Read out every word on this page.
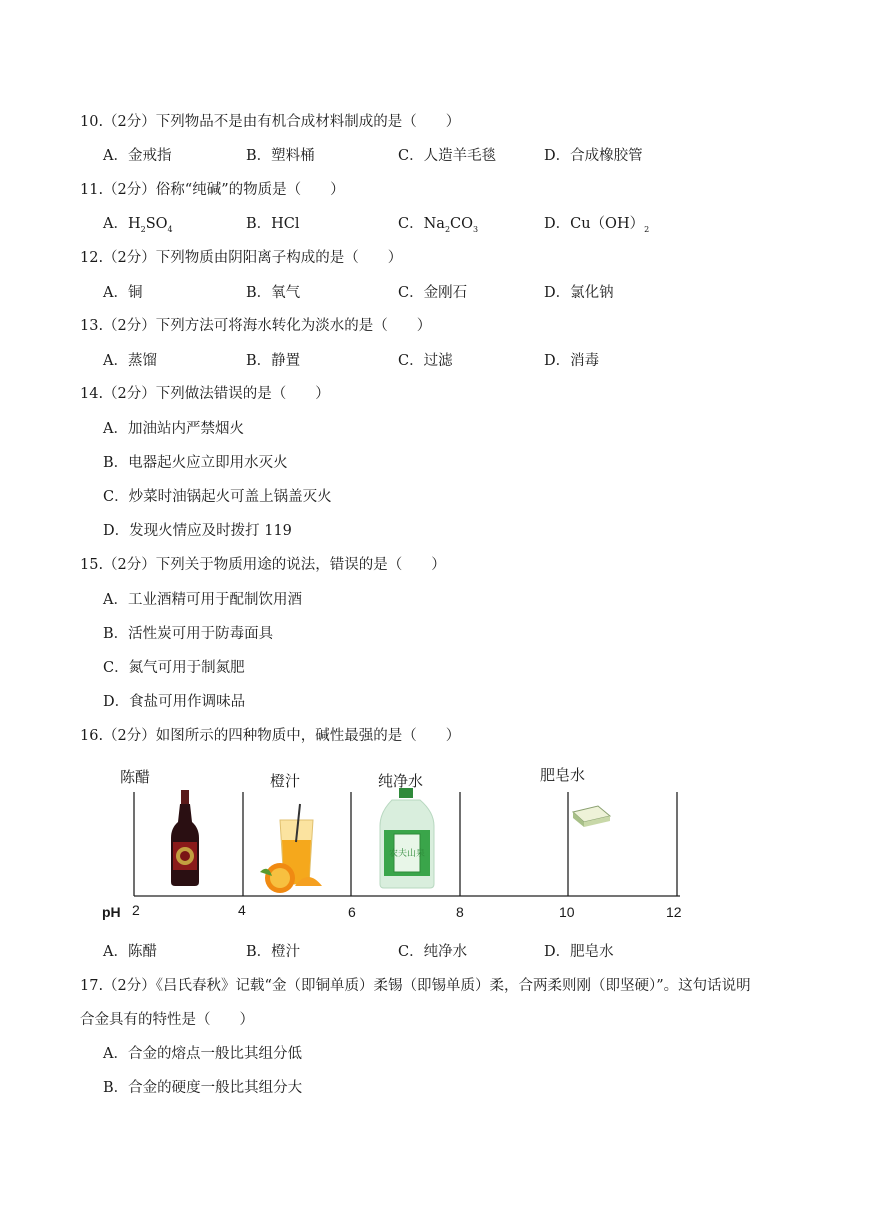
10.（2分）下列物品不是由有机合成材料制成的是（　　）
A．金戒指	B．塑料桶	C．人造羊毛毯	D．合成橡胶管
11.（2分）俗称“纯碱”的物质是（　　）
A．$H_2SO_4$	B．HCl	C．$Na_2CO_3$	D．$Cu(OH)_2$
12.（2分）下列物质由阴阳离子构成的是（　　）
A．铜	B．氧气	C．金刚石	D．氯化钠
13.（2分）下列方法可将海水转化为淡水的是（　　）
A．蒸馏	B．静置	C．过滤	D．消毒
14.（2分）下列做法错误的是（　　）
A．加油站内严禁烟火
B．电器起火应立即用水灭火
C．炒菜时油锅起火可盖上锅盖灭火
D．发现火情应及时拨打 119
15.（2分）下列关于物质用途的说法，错误的是（　　）
A．工业酒精可用于配制饮用酒
B．活性炭可用于防毒面具
C．氮气可用于制氮肥
D．食盐可用作调味品
16.（2分）如图所示的四种物质中，碱性最强的是（　　）
农夫山泉
陈醋	橙汁	纯净水	肥皂水
pH 2	4	6	8	10	12
A．陈醋	B．橙汁	C．纯净水	D．肥皂水
17.（2分）《吕氏春秋》记载“金（即铜单质）柔锡（即锡单质）柔，合两柔则刚（即坚硬）”。这句话说明
合金具有的特性是（　　）
A．合金的熔点一般比其组分低
B．合金的硬度一般比其组分大
